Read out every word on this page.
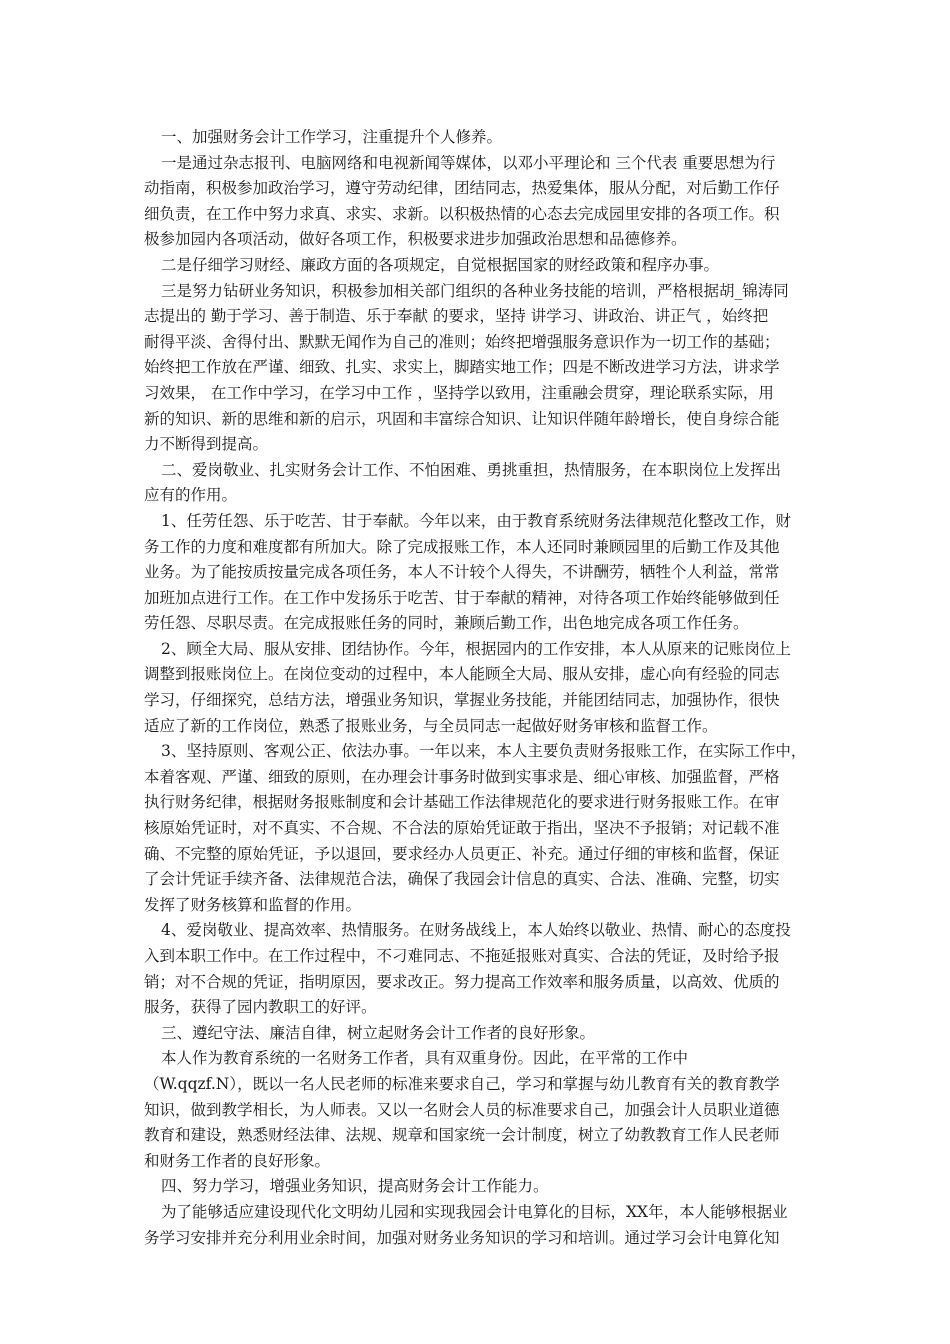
一、加强财务会计工作学习，注重提升个人修养。
一是通过杂志报刊、电脑网络和电视新闻等媒体，以邓小平理论和 三个代表 重要思想为行
动指南，积极参加政治学习，遵守劳动纪律，团结同志，热爱集体，服从分配，对后勤工作仔
细负责，在工作中努力求真、求实、求新。以积极热情的心态去完成园里安排的各项工作。积
极参加园内各项活动，做好各项工作，积极要求进步加强政治思想和品德修养。
二是仔细学习财经、廉政方面的各项规定，自觉根据国家的财经政策和程序办事。
三是努力钻研业务知识，积极参加相关部门组织的各种业务技能的培训，严格根据胡_锦涛同
志提出的 勤于学习、善于制造、乐于奉献 的要求，坚持 讲学习、讲政治、讲正气 ，始终把
耐得平淡、舍得付出、默默无闻作为自己的准则；始终把增强服务意识作为一切工作的基础；
始终把工作放在严谨、细致、扎实、求实上，脚踏实地工作；四是不断改进学习方法，讲求学
习效果， 在工作中学习，在学习中工作 ，坚持学以致用，注重融会贯穿，理论联系实际，用
新的知识、新的思维和新的启示，巩固和丰富综合知识、让知识伴随年龄增长，使自身综合能
力不断得到提高。
二、爱岗敬业、扎实财务会计工作、不怕困难、勇挑重担，热情服务，在本职岗位上发挥出
应有的作用。
1、任劳任怨、乐于吃苦、甘于奉献。今年以来，由于教育系统财务法律规范化整改工作，财
务工作的力度和难度都有所加大。除了完成报账工作，本人还同时兼顾园里的后勤工作及其他
业务。为了能按质按量完成各项任务，本人不计较个人得失，不讲酬劳，牺牲个人利益，常常
加班加点进行工作。在工作中发扬乐于吃苦、甘于奉献的精神，对待各项工作始终能够做到任
劳任怨、尽职尽责。在完成报账任务的同时，兼顾后勤工作，出色地完成各项工作任务。
2、顾全大局、服从安排、团结协作。今年，根据园内的工作安排，本人从原来的记账岗位上
调整到报账岗位上。在岗位变动的过程中，本人能顾全大局、服从安排，虚心向有经验的同志
学习，仔细探究，总结方法，增强业务知识，掌握业务技能，并能团结同志，加强协作，很快
适应了新的工作岗位，熟悉了报账业务，与全员同志一起做好财务审核和监督工作。
3、坚持原则、客观公正、依法办事。一年以来，本人主要负责财务报账工作，在实际工作中，
本着客观、严谨、细致的原则，在办理会计事务时做到实事求是、细心审核、加强监督，严格
执行财务纪律，根据财务报账制度和会计基础工作法律规范化的要求进行财务报账工作。在审
核原始凭证时，对不真实、不合规、不合法的原始凭证敢于指出，坚决不予报销；对记载不准
确、不完整的原始凭证，予以退回，要求经办人员更正、补充。通过仔细的审核和监督，保证
了会计凭证手续齐备、法律规范合法，确保了我园会计信息的真实、合法、准确、完整，切实
发挥了财务核算和监督的作用。
4、爱岗敬业、提高效率、热情服务。在财务战线上，本人始终以敬业、热情、耐心的态度投
入到本职工作中。在工作过程中，不刁难同志、不拖延报账对真实、合法的凭证，及时给予报
销；对不合规的凭证，指明原因，要求改正。努力提高工作效率和服务质量，以高效、优质的
服务，获得了园内教职工的好评。
三、遵纪守法、廉洁自律，树立起财务会计工作者的良好形象。
本人作为教育系统的一名财务工作者，具有双重身份。因此，在平常的工作中
（W.qqzf.N），既以一名人民老师的标准来要求自己，学习和掌握与幼儿教育有关的教育教学
知识，做到教学相长，为人师表。又以一名财会人员的标准要求自己，加强会计人员职业道德
教育和建设，熟悉财经法律、法规、规章和国家统一会计制度，树立了幼教教育工作人民老师
和财务工作者的良好形象。
四、努力学习，增强业务知识，提高财务会计工作能力。
为了能够适应建设现代化文明幼儿园和实现我园会计电算化的目标，XX年，本人能够根据业
务学习安排并充分利用业余时间，加强对财务业务知识的学习和培训。通过学习会计电算化知
